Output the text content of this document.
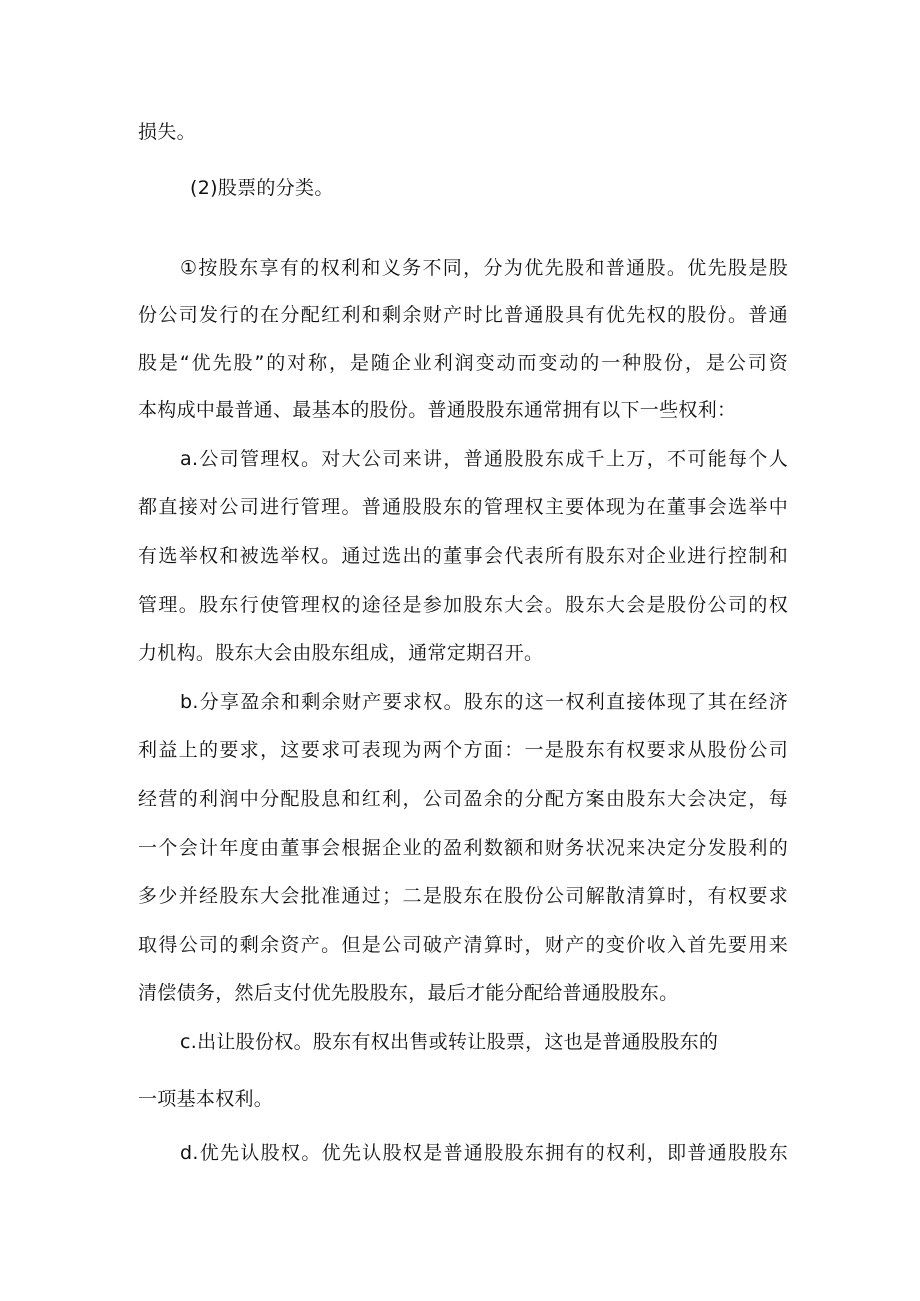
损失。
(2)股票的分类。
①按股东享有的权利和义务不同，分为优先股和普通股。优先股是股
份公司发行的在分配红利和剩余财产时比普通股具有优先权的股份。普通
股是“优先股”的对称，是随企业利润变动而变动的一种股份，是公司资
本构成中最普通、最基本的股份。普通股股东通常拥有以下一些权利：
a.公司管理权。对大公司来讲，普通股股东成千上万，不可能每个人
都直接对公司进行管理。普通股股东的管理权主要体现为在董事会选举中
有选举权和被选举权。通过选出的董事会代表所有股东对企业进行控制和
管理。股东行使管理权的途径是参加股东大会。股东大会是股份公司的权
力机构。股东大会由股东组成，通常定期召开。
b.分享盈余和剩余财产要求权。股东的这一权利直接体现了其在经济
利益上的要求，这要求可表现为两个方面：一是股东有权要求从股份公司
经营的利润中分配股息和红利，公司盈余的分配方案由股东大会决定，每
一个会计年度由董事会根据企业的盈利数额和财务状况来决定分发股利的
多少并经股东大会批准通过；二是股东在股份公司解散清算时，有权要求
取得公司的剩余资产。但是公司破产清算时，财产的变价收入首先要用来
清偿债务，然后支付优先股股东，最后才能分配给普通股股东。
c.出让股份权。股东有权出售或转让股票，这也是普通股股东的
一项基本权利。
d.优先认股权。优先认股权是普通股股东拥有的权利，即普通股股东
